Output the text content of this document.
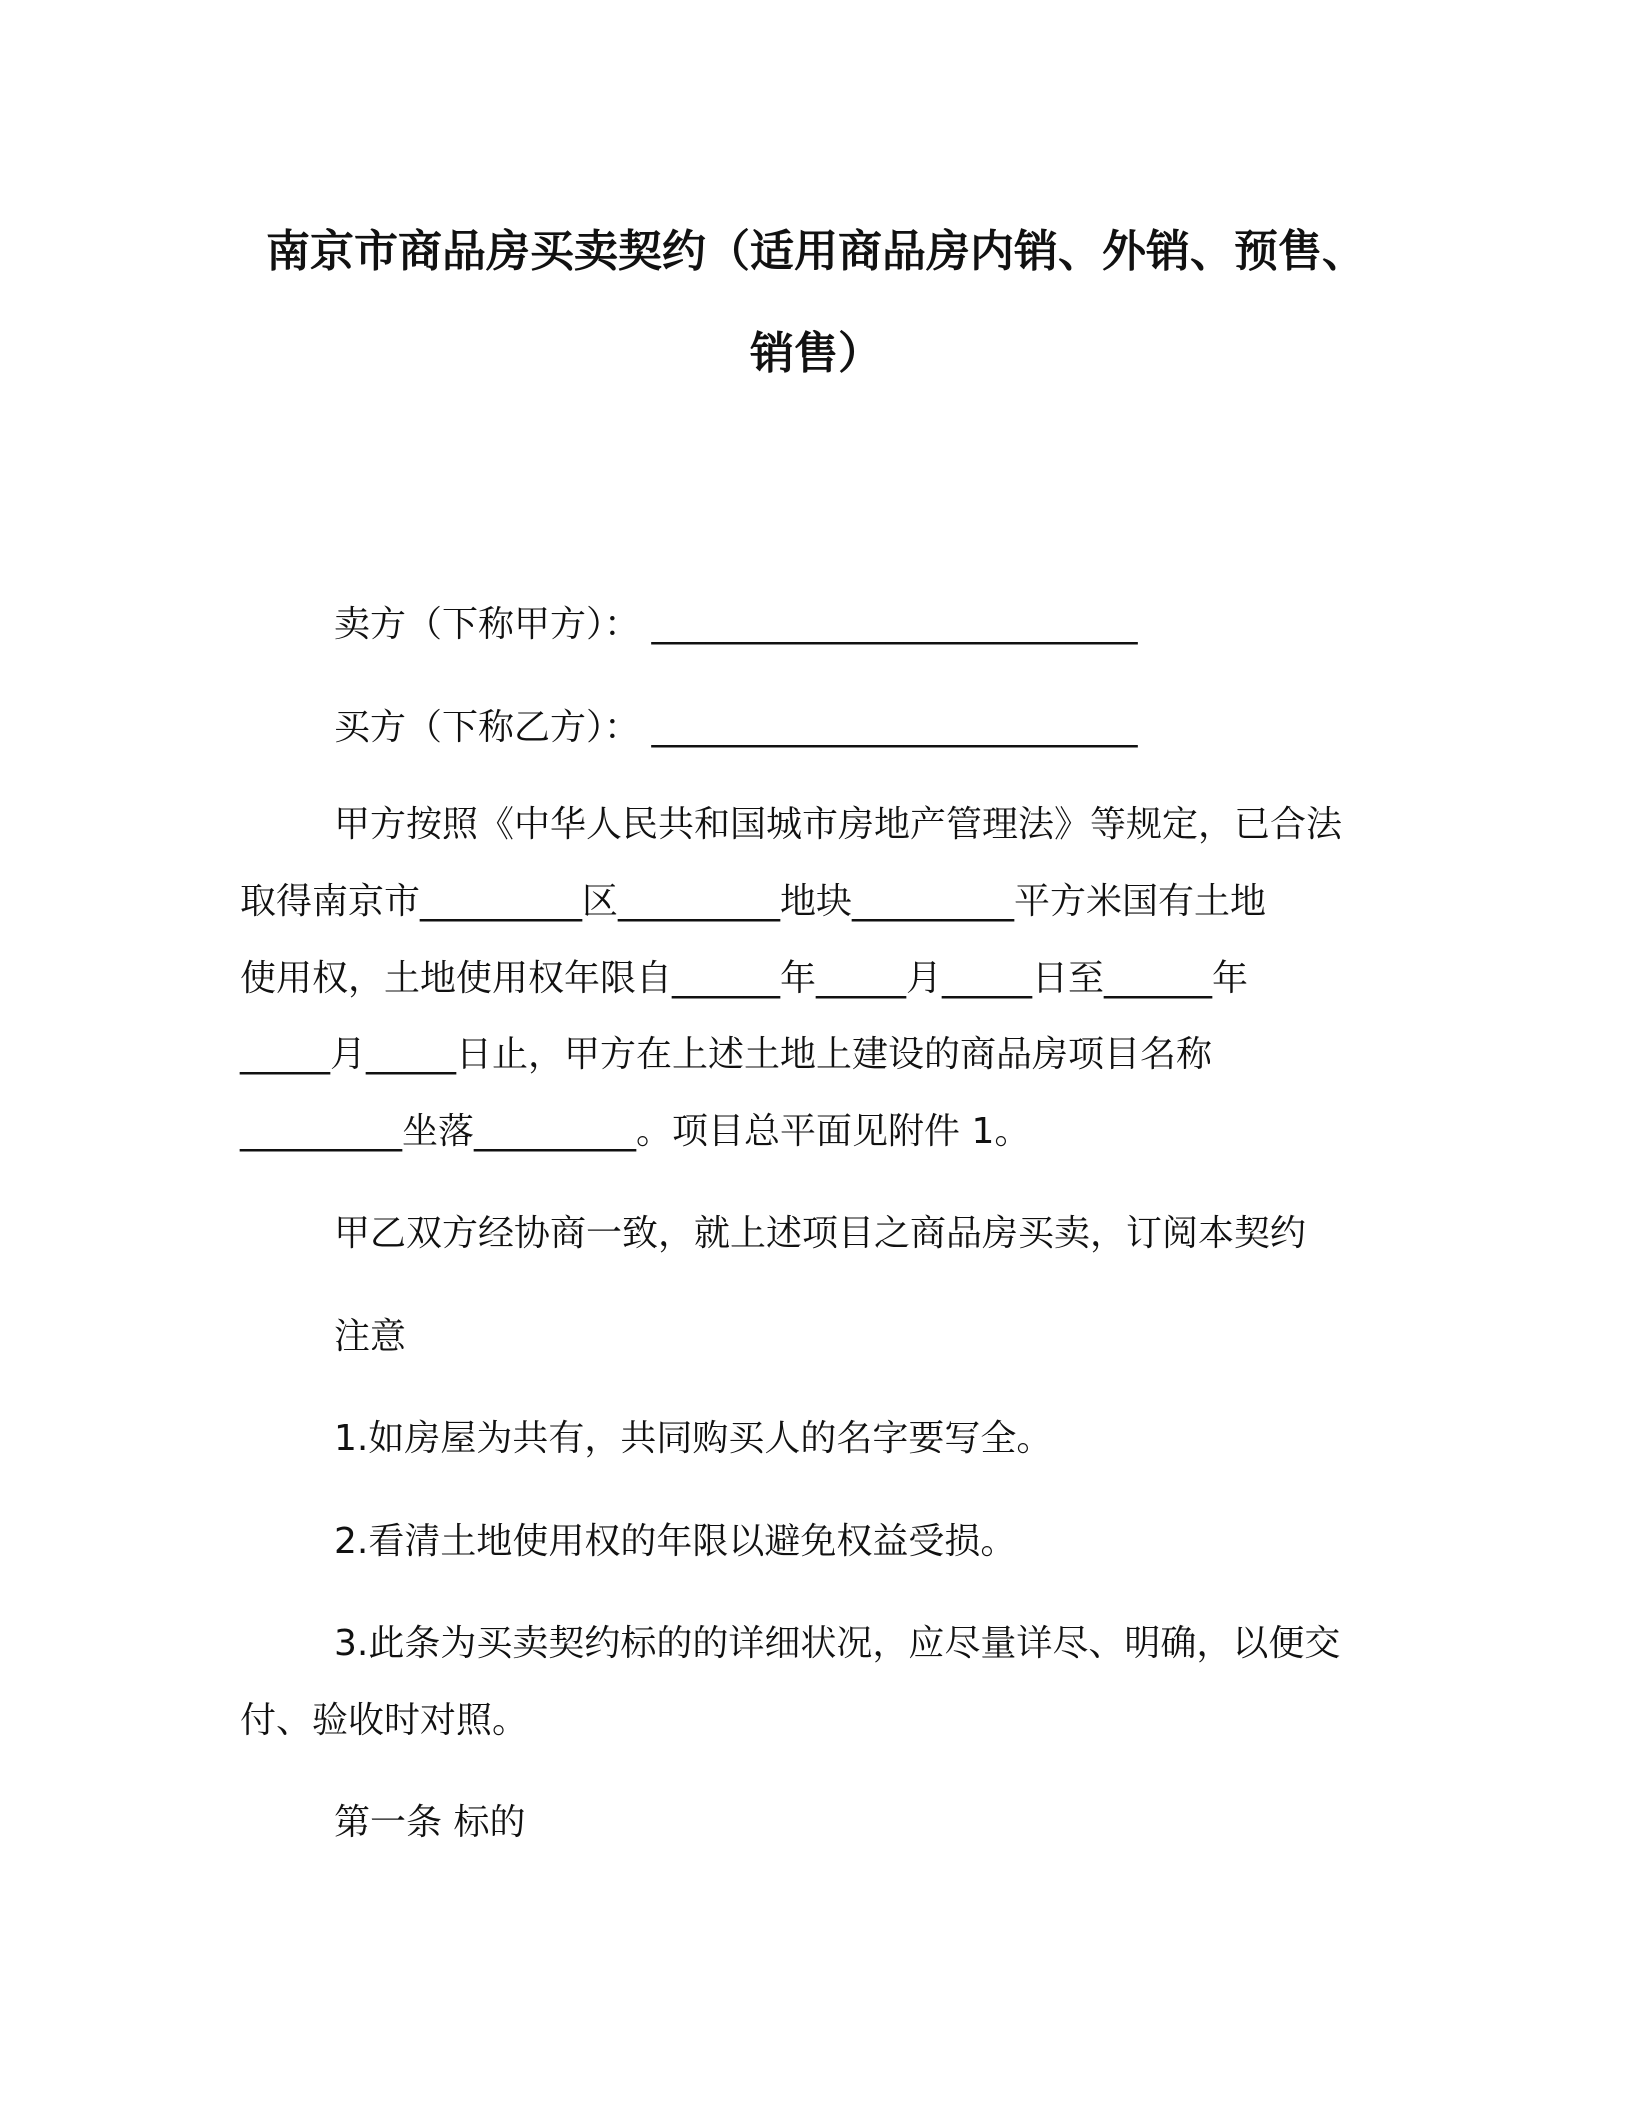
南京市商品房买卖契约（适用商品房内销、外销、预售、
销售）
卖方（下称甲方）： ___________________________
买方（下称乙方）： ___________________________
甲方按照《中华人民共和国城市房地产管理法》等规定，已合法
取得南京市_________区_________地块_________平方米国有土地
使用权，土地使用权年限自______年_____月_____日至______年
_____月_____日止，甲方在上述土地上建设的商品房项目名称
_________坐落_________。项目总平面见附件 1。
甲乙双方经协商一致，就上述项目之商品房买卖，订阅本契约
注意
1.如房屋为共有，共同购买人的名字要写全。
2.看清土地使用权的年限以避免权益受损。
3.此条为买卖契约标的的详细状况，应尽量详尽、明确，以便交
付、验收时对照。
第一条 标的
